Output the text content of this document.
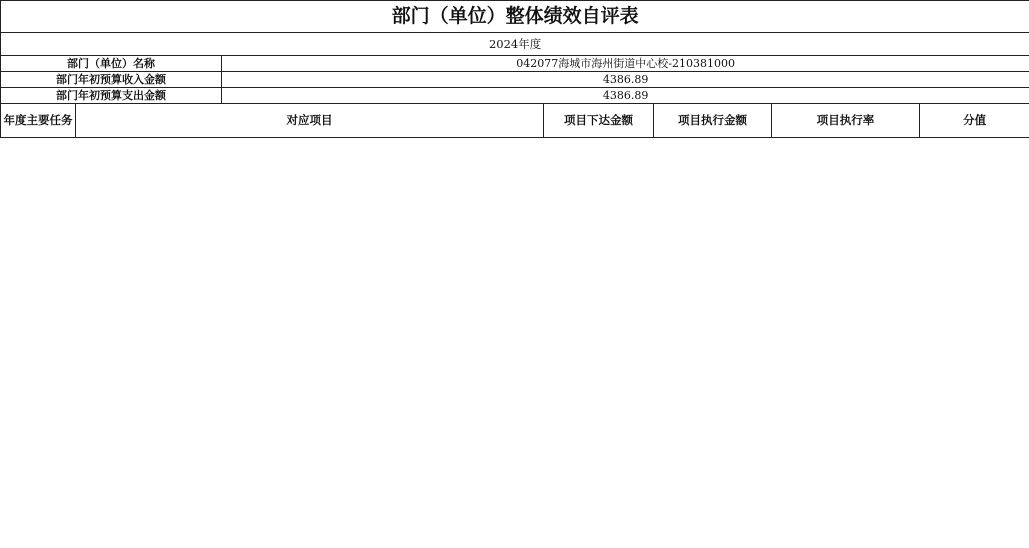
部门（单位）整体绩效自评表						
2024年度						
部门（单位）名称		042077海城市海州街道中心校-210381000				
部门年初预算收入金额		4386.89				
部门年初预算支出金额		4386.89				
年度主要任务	对应项目		项目下达金额	项目执行金额	项目执行率	分值
